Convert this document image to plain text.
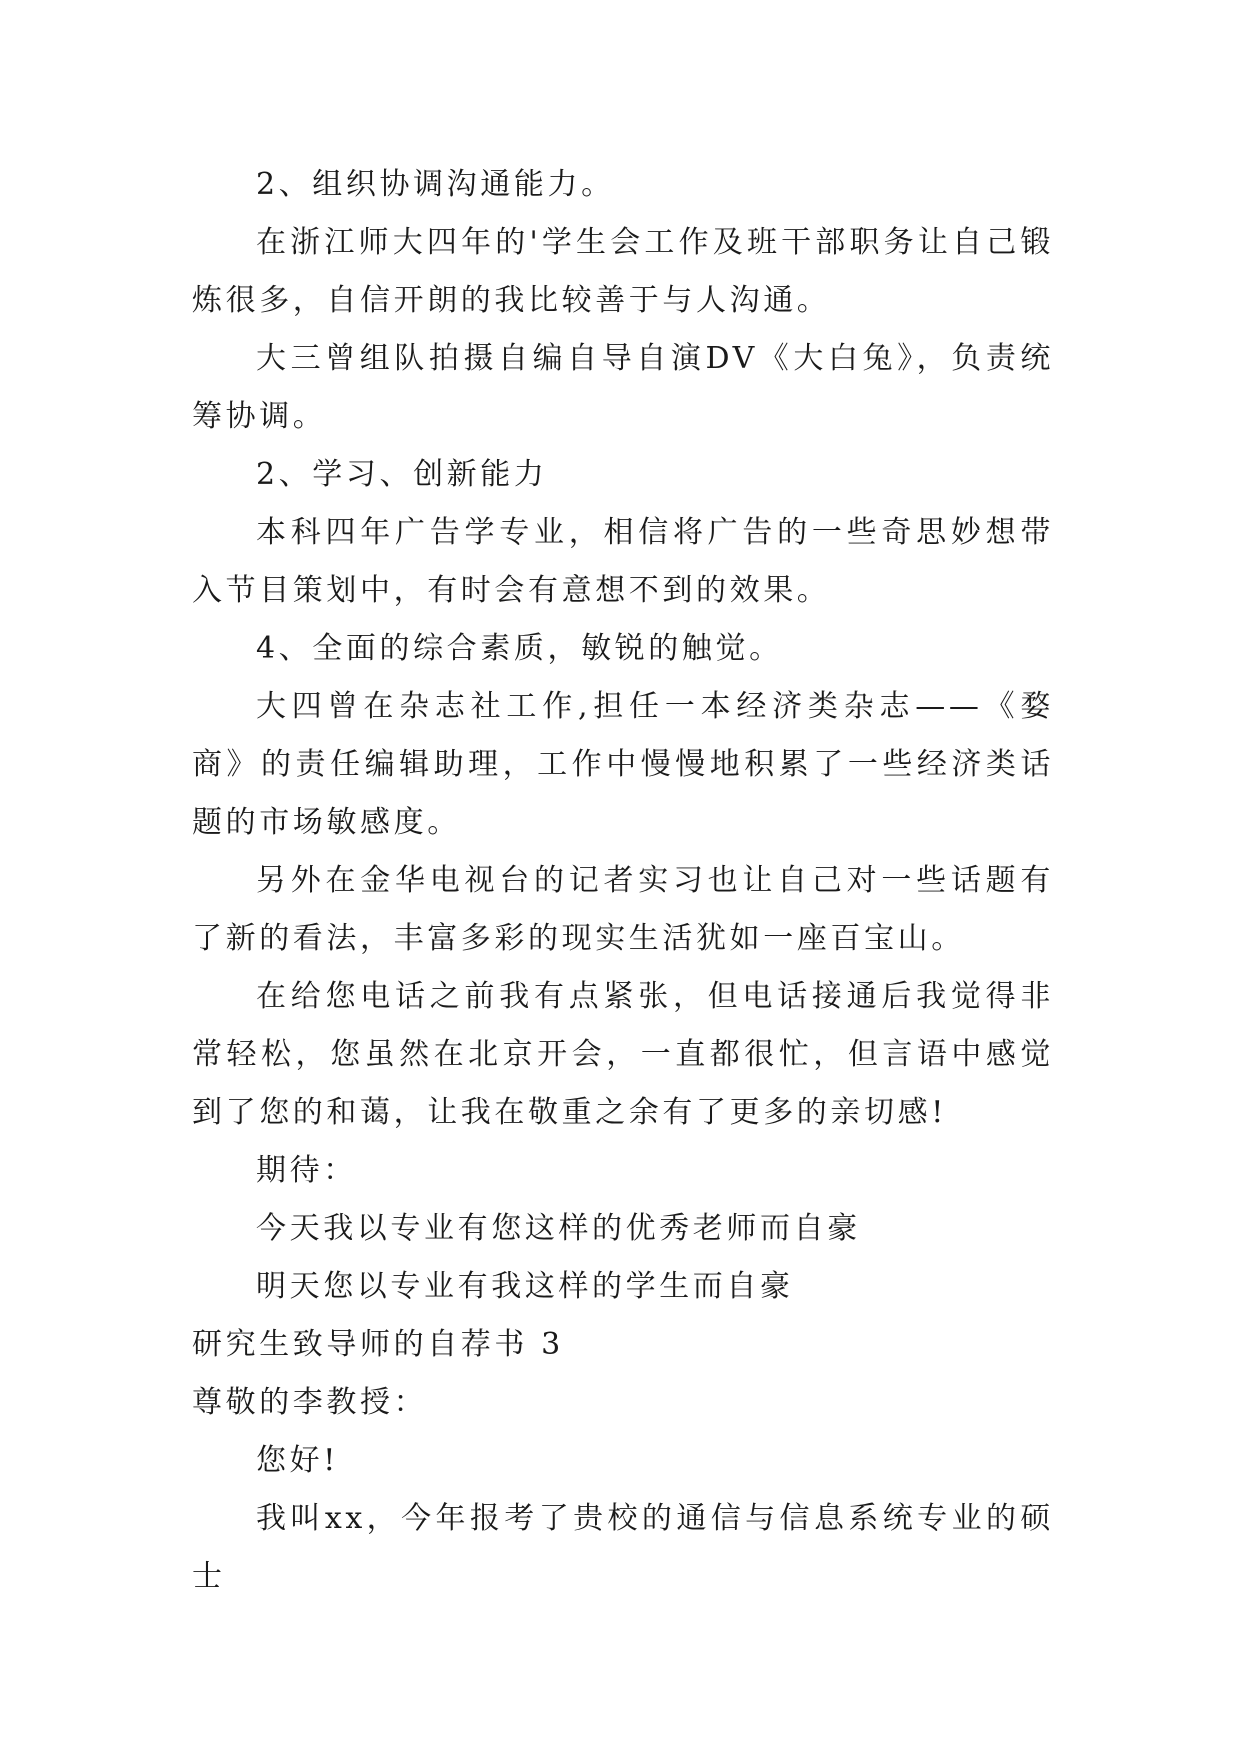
2、组织协调沟通能力。

在浙江师大四年的'学生会工作及班干部职务让自己锻炼很多，自信开朗的我比较善于与人沟通。

大三曾组队拍摄自编自导自演DV《大白兔》，负责统筹协调。

2、学习、创新能力

本科四年广告学专业，相信将广告的一些奇思妙想带入节目策划中，有时会有意想不到的效果。

4、全面的综合素质，敏锐的触觉。

大四曾在杂志社工作,担任一本经济类杂志——《婺商》的责任编辑助理，工作中慢慢地积累了一些经济类话题的市场敏感度。

另外在金华电视台的记者实习也让自己对一些话题有了新的看法，丰富多彩的现实生活犹如一座百宝山。

在给您电话之前我有点紧张，但电话接通后我觉得非常轻松，您虽然在北京开会，一直都很忙，但言语中感觉到了您的和蔼，让我在敬重之余有了更多的亲切感!

期待：

今天我以专业有您这样的优秀老师而自豪

明天您以专业有我这样的学生而自豪

研究生致导师的自荐书 3

尊敬的李教授：

您好!

我叫xx，今年报考了贵校的通信与信息系统专业的硕士
